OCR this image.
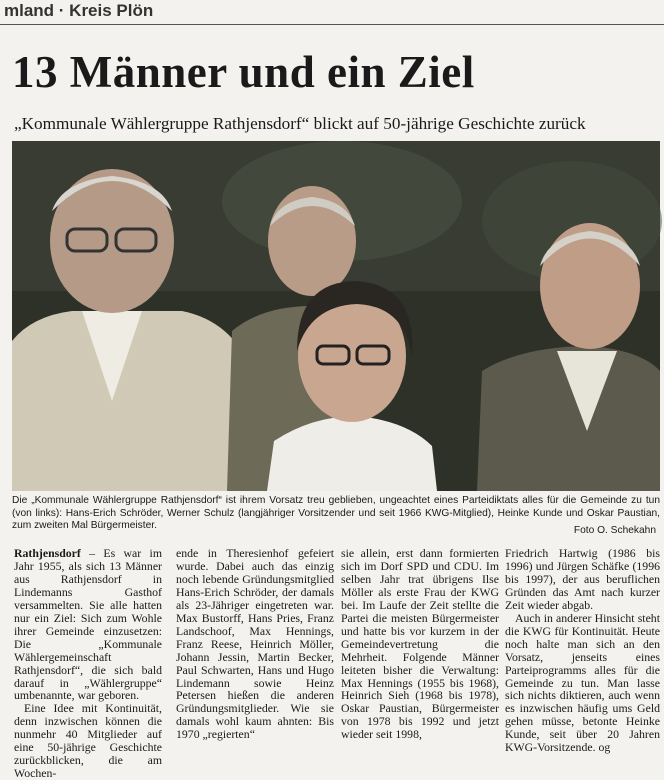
mland · Kreis Plön
13 Männer und ein Ziel
„Kommunale Wählergruppe Rathjensdorf“ blickt auf 50-jährige Geschichte zurück
Die „Kommunale Wählergruppe Rathjensdorf“ ist ihrem Vorsatz treu geblieben, ungeachtet eines Parteidiktats alles für die Gemeinde zu tun (von links): Hans-Erich Schröder, Werner Schulz (langjähriger Vorsitzender und seit 1966 KWG-Mitglied), Heinke Kunde und Oskar Paustian, zum zweiten Mal Bürgermeister.	Foto O. Schekahn

Rathjensdorf – Es war im Jahr 1955, als sich 13 Männer aus Rathjensdorf in Lindemanns Gasthof versammelten. Sie alle hatten nur ein Ziel: Sich zum Wohle ihrer Gemeinde einzusetzen: Die „Kommunale Wählergemeinschaft Rathjensdorf“, die sich bald darauf in „Wählergruppe“ umbenannte, war geboren.

Eine Idee mit Kontinuität, denn inzwischen können die nunmehr 40 Mitglieder auf eine 50-jährige Geschichte zurückblicken, die am Wochen-

ende in Theresienhof gefeiert wurde. Dabei auch das einzig noch lebende Gründungsmitglied Hans-Erich Schröder, der damals als 23-Jähriger eingetreten war. Max Bustorff, Hans Pries, Franz Landschoof, Max Hennings, Franz Reese, Heinrich Möller, Johann Jessin, Martin Becker, Paul Schwarten, Hans und Hugo Lindemann sowie Heinz Petersen hießen die anderen Gründungsmitglieder. Wie sie damals wohl kaum ahnten: Bis 1970 „regierten“

sie allein, erst dann formierten sich im Dorf SPD und CDU. Im selben Jahr trat übrigens Ilse Möller als erste Frau der KWG bei. Im Laufe der Zeit stellte die Partei die meisten Bürgermeister und hatte bis vor kurzem in der Gemeindevertretung die Mehrheit. Folgende Männer leiteten bisher die Verwaltung: Max Hennings (1955 bis 1968), Heinrich Sieh (1968 bis 1978), Oskar Paustian, Bürgermeister von 1978 bis 1992 und jetzt wieder seit 1998,

Friedrich Hartwig (1986 bis 1996) und Jürgen Schäfke (1996 bis 1997), der aus beruflichen Gründen das Amt nach kurzer Zeit wieder abgab.

Auch in anderer Hinsicht steht die KWG für Kontinuität. Heute noch halte man sich an den Vorsatz, jenseits eines Parteiprogramms alles für die Gemeinde zu tun. Man lasse sich nichts diktieren, auch wenn es inzwischen häufig ums Geld gehen müsse, betonte Heinke Kunde, seit über 20 Jahren KWG-Vorsitzende. og
